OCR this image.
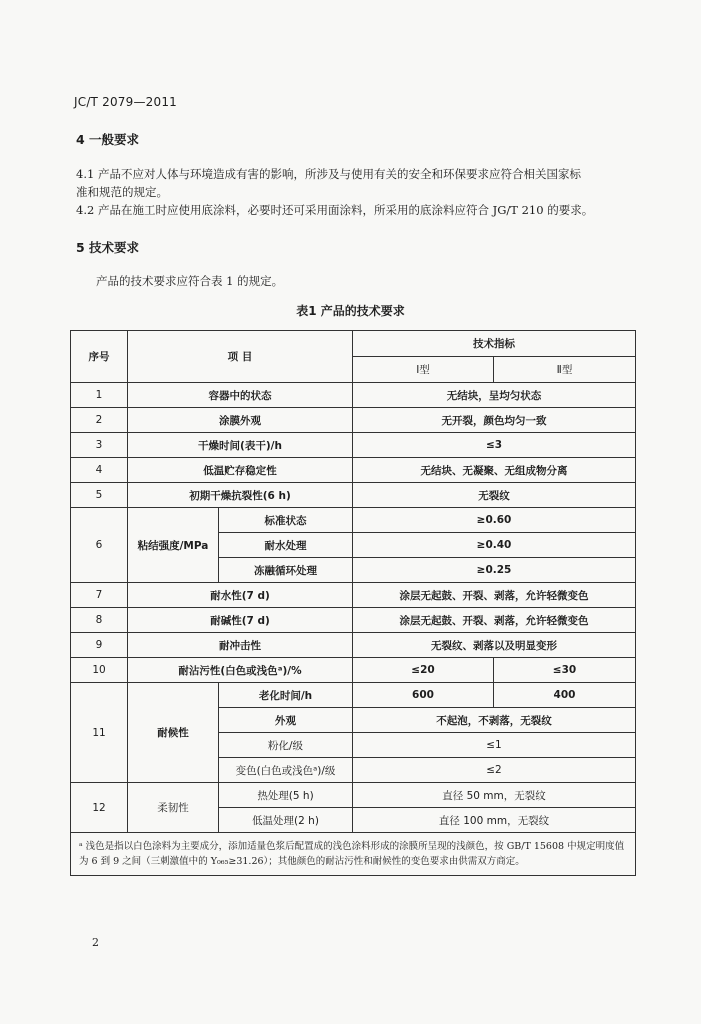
JC/T 2079—2011
4 一般要求
4.1 产品不应对人体与环境造成有害的影响，所涉及与使用有关的安全和环保要求应符合相关国家标
准和规范的规定。
4.2 产品在施工时应使用底涂料，必要时还可采用面涂料，所采用的底涂料应符合 JG/T 210 的要求。
5 技术要求
产品的技术要求应符合表 1 的规定。
表1 产品的技术要求
序号	项 目		技术指标	
			Ⅰ型	Ⅱ型
1	容器中的状态		无结块，呈均匀状态	
2	涂膜外观		无开裂，颜色均匀一致	
3	干燥时间(表干)/h		≤3	
4	低温贮存稳定性		无结块、无凝聚、无组成物分离	
5	初期干燥抗裂性(6 h)		无裂纹	
6	粘结强度/MPa	标准状态	≥0.60	
		耐水处理	≥0.40	
		冻融循环处理	≥0.25	
7	耐水性(7 d)		涂层无起鼓、开裂、剥落，允许轻微变色	
8	耐碱性(7 d)		涂层无起鼓、开裂、剥落，允许轻微变色	
9	耐冲击性		无裂纹、剥落以及明显变形	
10	耐沾污性(白色或浅色ᵃ)/%		≤20	≤30
11	耐候性	老化时间/h	600	400
		外观	不起泡，不剥落，无裂纹	
		粉化/级	≤1	
		变色(白色或浅色ᵃ)/级	≤2	
12	柔韧性	热处理(5 h)	直径 50 mm，无裂纹	
		低温处理(2 h)	直径 100 mm，无裂纹	
ᵃ 浅色是指以白色涂料为主要成分，添加适量色浆后配置成的浅色涂料形成的涂膜所呈现的浅颜色，按 GB/T 15608 中规定明度值为 6 到 9 之间（三刺激值中的 Y₀₆₅≥31.26）；其他颜色的耐沾污性和耐候性的变色要求由供需双方商定。				
2
